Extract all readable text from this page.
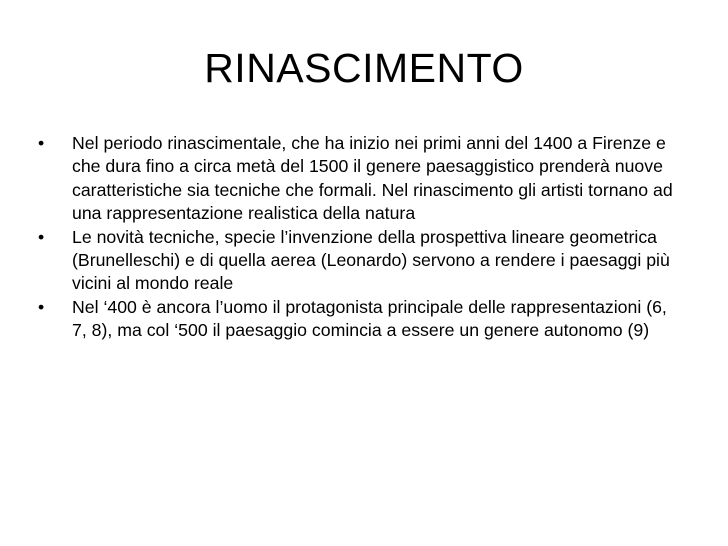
RINASCIMENTO
•	Nel periodo rinascimentale, che ha inizio nei primi anni del 1400 a Firenze e che dura fino a circa metà del 1500 il genere paesaggistico prenderà nuove caratteristiche sia tecniche che formali. Nel rinascimento gli artisti tornano ad una rappresentazione realistica della natura
•	Le novità tecniche, specie l’invenzione della prospettiva lineare geometrica (Brunelleschi) e di quella aerea (Leonardo) servono a rendere i paesaggi più vicini al mondo reale
•	Nel ‘400 è ancora l’uomo il protagonista principale delle rappresentazioni (6, 7, 8), ma col ‘500 il paesaggio comincia a essere un genere autonomo (9)
